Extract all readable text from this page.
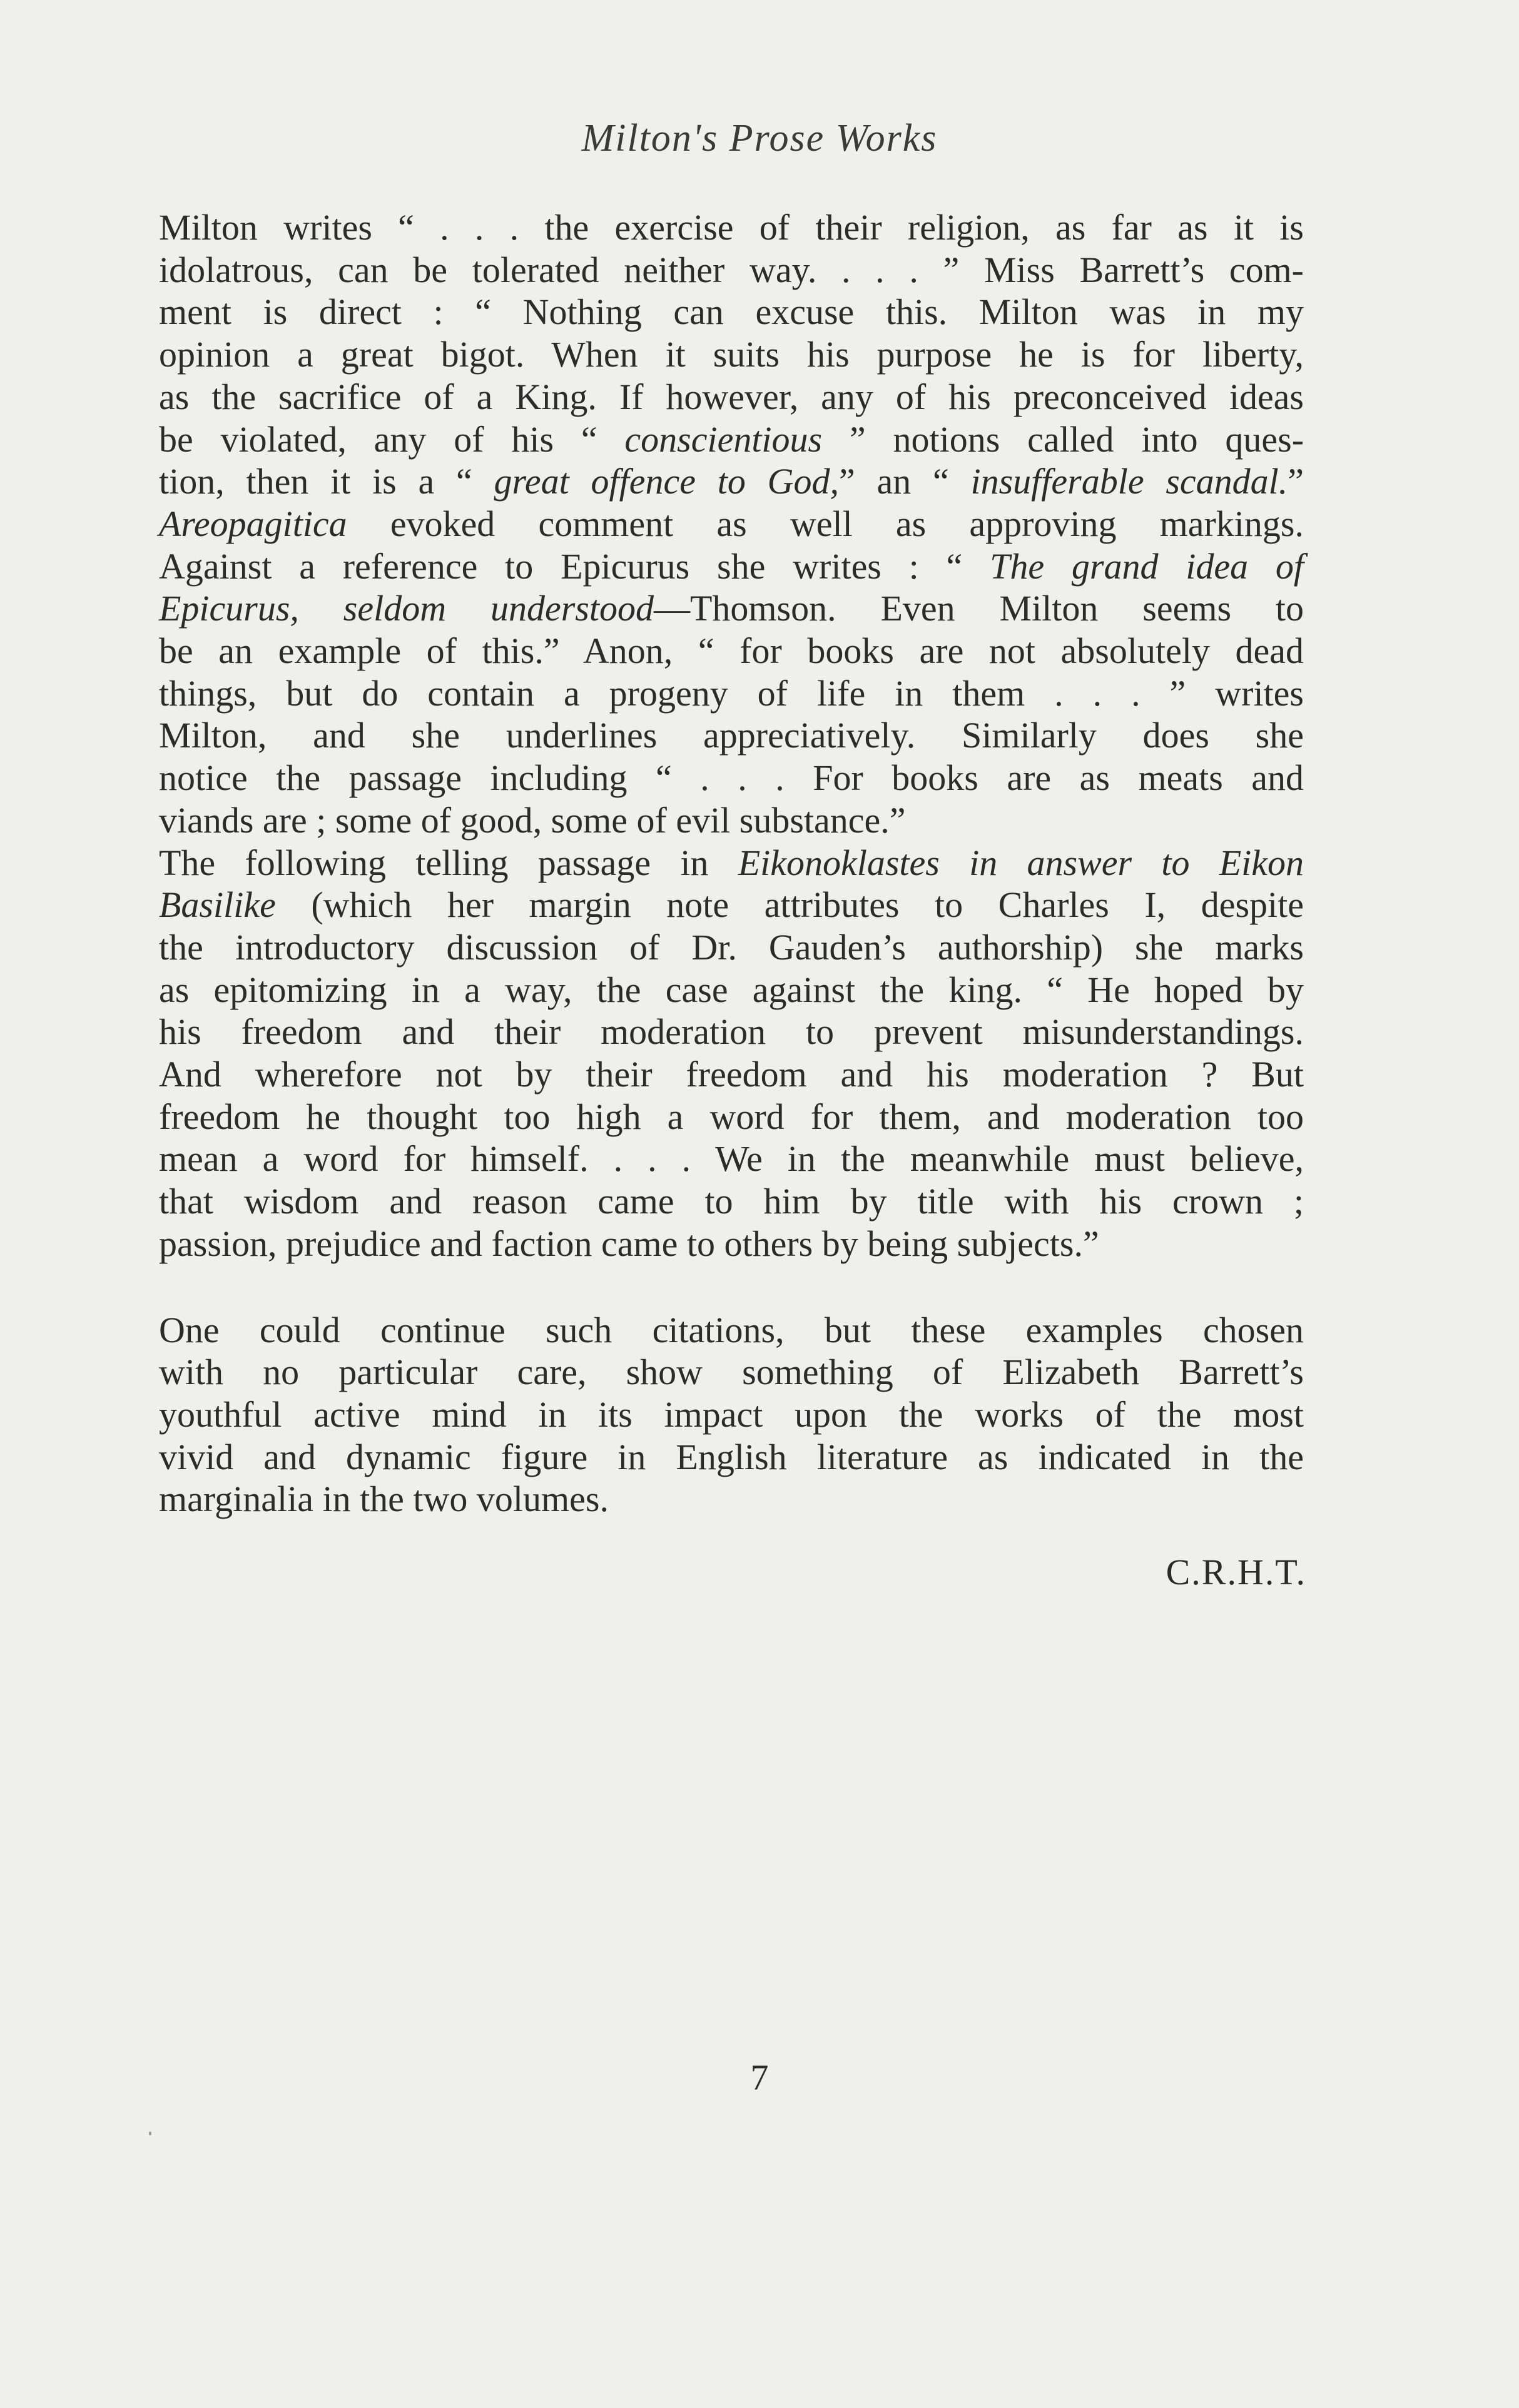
Milton's Prose Works

Milton writes “ . . . the exercise of their religion, as far as it is
idolatrous, can be tolerated neither way. . . . ” Miss Barrett’s com-
ment is direct : “ Nothing can excuse this. Milton was in my
opinion a great bigot. When it suits his purpose he is for liberty,
as the sacrifice of a King. If however, any of his preconceived ideas
be violated, any of his “ conscientious ” notions called into ques-
tion, then it is a “ great offence to God,” an “ insufferable scandal.”
Areopagitica evoked comment as well as approving markings.
Against a reference to Epicurus she writes : “ The grand idea of
Epicurus, seldom understood—Thomson. Even Milton seems to
be an example of this.” Anon, “ for books are not absolutely dead
things, but do contain a progeny of life in them . . . ” writes
Milton, and she underlines appreciatively. Similarly does she
notice the passage including “ . . . For books are as meats and
viands are ; some of good, some of evil substance.”

The following telling passage in Eikonoklastes in answer to Eikon
Basilike (which her margin note attributes to Charles I, despite
the introductory discussion of Dr. Gauden’s authorship) she marks
as epitomizing in a way, the case against the king. “ He hoped by
his freedom and their moderation to prevent misunderstandings.
And wherefore not by their freedom and his moderation ? But
freedom he thought too high a word for them, and moderation too
mean a word for himself. . . . We in the meanwhile must believe,
that wisdom and reason came to him by title with his crown ;
passion, prejudice and faction came to others by being subjects.”

One could continue such citations, but these examples chosen
with no particular care, show something of Elizabeth Barrett’s
youthful active mind in its impact upon the works of the most
vivid and dynamic figure in English literature as indicated in the
marginalia in the two volumes.

C.R.H.T.
7
